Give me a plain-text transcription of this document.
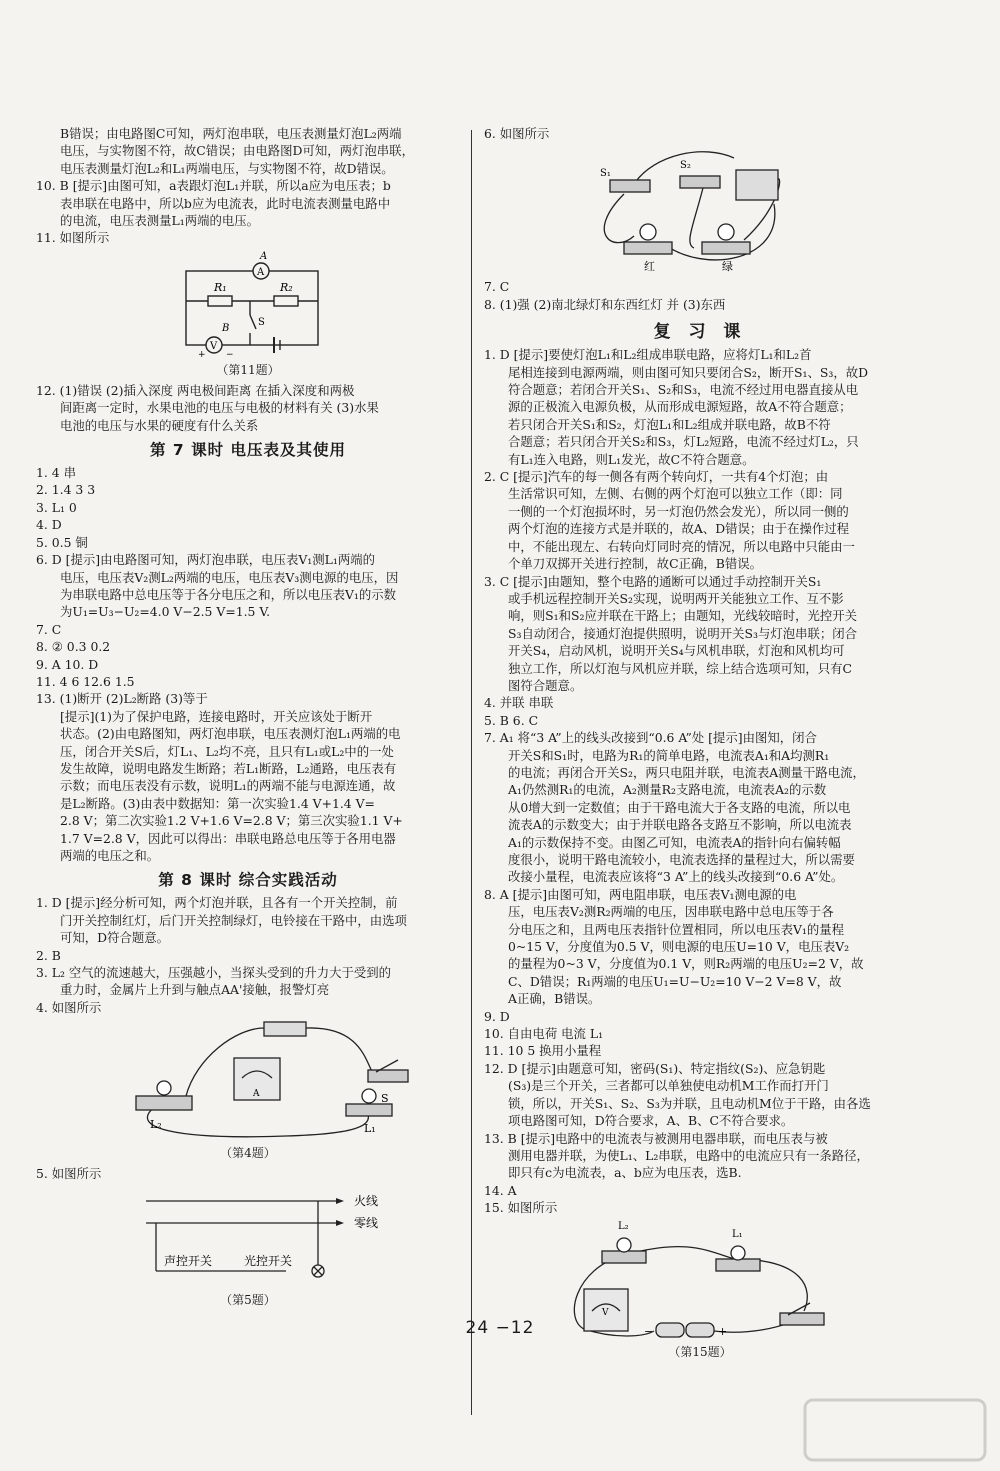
B错误；由电路图C可知，两灯泡串联，电压表测量灯泡L₂两端

电压，与实物图不符，故C错误；由电路图D可知，两灯泡串联，

电压表测量灯泡L₂和L₁两端电压，与实物图不符，故D错误。

10. B [提示]由图可知，a表跟灯泡L₁并联，所以a应为电压表；b

表串联在电路中，所以b应为电流表，此时电流表测量电路中

的电流，电压表测量L₁两端的电压。

11. 如图所示

A
V
A
R₁	R₂
S
B
+ −

（第11题）

12. (1)错误 (2)插入深度 两电极间距离 在插入深度和两极

间距离一定时，水果电池的电压与电极的材料有关 (3)水果

电池的电压与水果的硬度有什么关系

第 7 课时 电压表及其使用

1. 4 串

2. 1.4 3 3

3. L₁ 0

4. D

5. 0.5 铜

6. D [提示]由电路图可知，两灯泡串联，电压表V₁测L₁两端的

电压，电压表V₂测L₂两端的电压，电压表V₃测电源的电压，因

为串联电路中总电压等于各分电压之和，所以电压表V₁的示数

为U₁=U₃−U₂=4.0 V−2.5 V=1.5 V.

7. C

8. ② 0.3 0.2

9. A 10. D

11. 4 6 12.6 1.5

13. (1)断开 (2)L₂断路 (3)等于

[提示](1)为了保护电路，连接电路时，开关应该处于断开

状态。(2)由电路图知，两灯泡串联，电压表测灯泡L₁两端的电

压，闭合开关S后，灯L₁、L₂均不亮，且只有L₁或L₂中的一处

发生故障，说明电路发生断路；若L₁断路，L₂通路，电压表有

示数；而电压表没有示数，说明L₁的两端不能与电源连通，故

是L₂断路。(3)由表中数据知：第一次实验1.4 V+1.4 V=

2.8 V；第二次实验1.2 V+1.6 V=2.8 V；第三次实验1.1 V+

1.7 V=2.8 V，因此可以得出：串联电路总电压等于各用电器

两端的电压之和。

第 8 课时 综合实践活动

1. D [提示]经分析可知，两个灯泡并联，且各有一个开关控制，前

门开关控制红灯，后门开关控制绿灯，电铃接在干路中，由选项

可知，D符合题意。

2. B

3. L₂ 空气的流速越大，压强越小，当探头受到的升力大于受到的

重力时，金属片上升到与触点AA'接触，报警灯亮

4. 如图所示

A	S
L₂	L₁

（第4题）

5. 如图所示

火线
零线
声控开关	光控开关

（第5题）

6. 如图所示

S₁
S₂
红	绿

7. C

8. (1)强 (2)南北绿灯和东西红灯 并 (3)东西

复 习 课

1. D [提示]要使灯泡L₁和L₂组成串联电路，应将灯L₁和L₂首

尾相连接到电源两端，则由图可知只要闭合S₂，断开S₁、S₃，故D

符合题意；若闭合开关S₁、S₂和S₃，电流不经过用电器直接从电

源的正极流入电源负极，从而形成电源短路，故A不符合题意；

若只闭合开关S₁和S₂，灯泡L₁和L₂组成并联电路，故B不符

合题意；若只闭合开关S₂和S₃，灯L₂短路，电流不经过灯L₂，只

有L₁连入电路，则L₁发光，故C不符合题意。

2. C [提示]汽车的每一侧各有两个转向灯，一共有4个灯泡；由

生活常识可知，左侧、右侧的两个灯泡可以独立工作（即：同

一侧的一个灯泡损坏时，另一灯泡仍然会发光），所以同一侧的

两个灯泡的连接方式是并联的，故A、D错误；由于在操作过程

中，不能出现左、右转向灯同时亮的情况，所以电路中只能由一

个单刀双掷开关进行控制，故C正确，B错误。

3. C [提示]由题知，整个电路的通断可以通过手动控制开关S₁

或手机远程控制开关S₂实现，说明两开关能独立工作、互不影

响，则S₁和S₂应并联在干路上；由题知，光线较暗时，光控开关

S₃自动闭合，接通灯泡提供照明，说明开关S₃与灯泡串联；闭合

开关S₄，启动风机，说明开关S₄与风机串联，灯泡和风机均可

独立工作，所以灯泡与风机应并联，综上结合选项可知，只有C

图符合题意。

4. 并联 串联

5. B 6. C

7. A₁ 将“3 A”上的线头改接到“0.6 A”处 [提示]由图知，闭合

开关S和S₁时，电路为R₁的简单电路，电流表A₁和A均测R₁

的电流；再闭合开关S₂，两只电阻并联，电流表A测量干路电流，

A₁仍然测R₁的电流，A₂测量R₂支路电流，电流表A₂的示数

从0增大到一定数值；由于干路电流大于各支路的电流，所以电

流表A的示数变大；由于并联电路各支路互不影响，所以电流表

A₁的示数保持不变。由图乙可知，电流表A的指针向右偏转幅

度很小，说明干路电流较小，电流表选择的量程过大，所以需要

改接小量程，电流表应该将“3 A”上的线头改接到“0.6 A”处。

8. A [提示]由图可知，两电阻串联，电压表V₁测电源的电

压，电压表V₂测R₂两端的电压，因串联电路中总电压等于各

分电压之和，且两电压表指针位置相同，所以电压表V₁的量程

0~15 V，分度值为0.5 V，则电源的电压U=10 V，电压表V₂

的量程为0~3 V，分度值为0.1 V，则R₂两端的电压U₂=2 V，故

C、D错误；R₁两端的电压U₁=U−U₂=10 V−2 V=8 V，故

A正确，B错误。

9. D

10. 自由电荷 电流 L₁

11. 10 5 换用小量程

12. D [提示]由题意可知，密码(S₁)、特定指纹(S₂)、应急钥匙

(S₃)是三个开关，三者都可以单独使电动机M工作而打开门

锁，所以，开关S₁、S₂、S₃为并联，且电动机M位于干路，由各选

项电路图可知，D符合要求，A、B、C不符合要求。

13. B [提示]电路中的电流表与被测用电器串联，而电压表与被

测用电器并联，为使L₁、L₂串联，电路中的电流应只有一条路径，

即只有c为电流表，a、b应为电压表，选B.

14. A

15. 如图所示

V
L₂
L₁
−	+

（第15题）

24 −12
